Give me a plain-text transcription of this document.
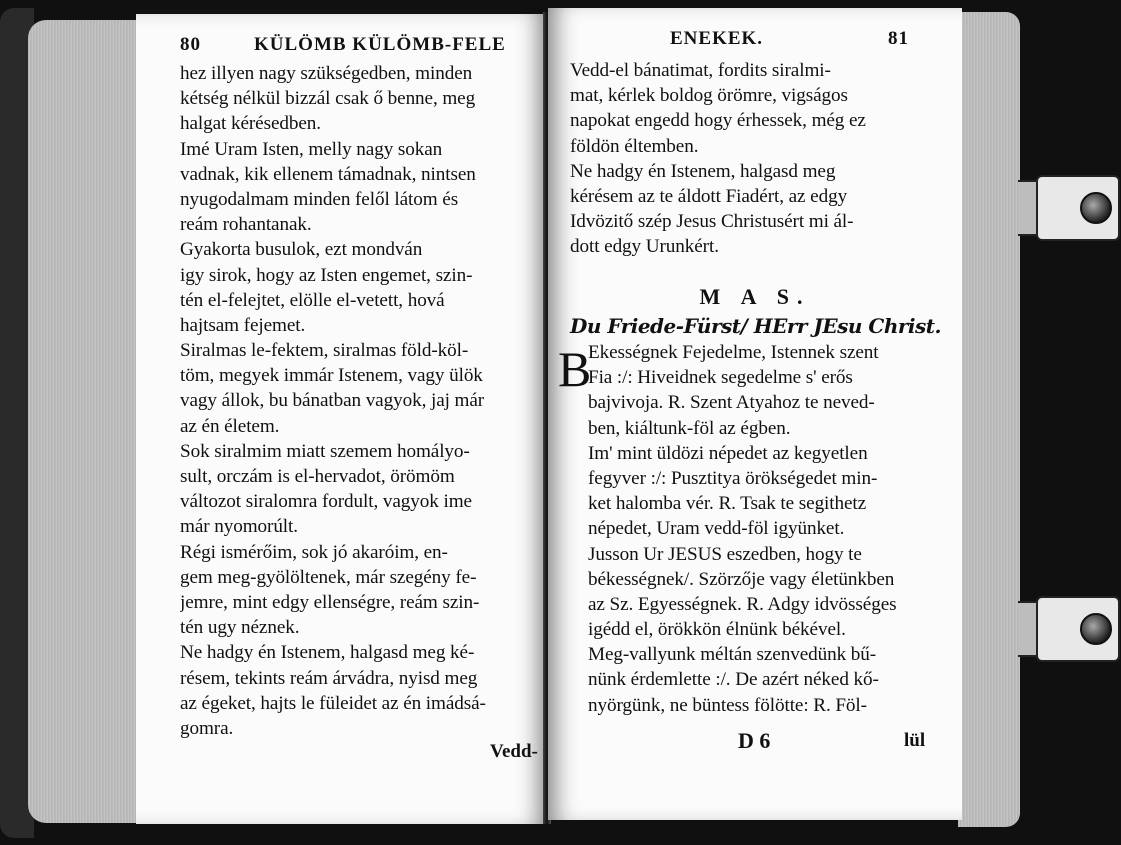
80	KÜLÖMB KÜLÖMB-FELE
hez illyen nagy szükségedben, minden
kétség nélkül bizzál csak ő benne, meg
halgat kérésedben.
Imé Uram Isten, melly nagy sokan
vadnak, kik ellenem támadnak, nintsen
nyugodalmam minden felől látom és
reám rohantanak.
Gyakorta busulok, ezt mondván
igy sirok, hogy az Isten engemet, szin-
tén el-felejtet, elölle el-vetett, hová
hajtsam fejemet.
Siralmas le-fektem, siralmas föld-köl-
töm, megyek immár Istenem, vagy ülök
vagy állok, bu bánatban vagyok, jaj már
az én életem.
Sok siralmim miatt szemem homályo-
sult, orczám is el-hervadot, örömöm
változot siralomra fordult, vagyok ime
már nyomorúlt.
Régi ismérőim, sok jó akaróim, en-
gem meg-gyölöltenek, már szegény fe-
jemre, mint edgy ellenségre, reám szin-
tén ugy néznek.
Ne hadgy én Istenem, halgasd meg ké-
résem, tekints reám árvádra, nyisd meg
az égeket, hajts le füleidet az én imádsá-
gomra.
Vedd-
ENEKEK.	81
Vedd-el bánatimat, fordits siralmi-
mat, kérlek boldog örömre, vigságos
napokat engedd hogy érhessek, még ez
földön éltemben.
Ne hadgy én Istenem, halgasd meg
kérésem az te áldott Fiadért, az edgy
Idvözitő szép Jesus Christusért mi ál-
dott edgy Urunkért.
M A S.
Du Friede-Fürst/ HErr JEsu Christ.
B
Ekességnek Fejedelme, Istennek szent
Fia :/: Hiveidnek segedelme s' erős
bajvivoja. R. Szent Atyahoz te neved-
ben, kiáltunk-föl az égben.
Im' mint üldözi népedet az kegyetlen
fegyver :/: Pusztitya örökségedet min-
ket halomba vér. R. Tsak te segithetz
népedet, Uram vedd-föl igyünket.
Jusson Ur JESUS eszedben, hogy te
békességnek/. Szörzője vagy életünkben
az Sz. Egyességnek. R. Adgy idvösséges
igédd el, örökkön élnünk békével.
Meg-vallyunk méltán szenvedünk bű-
nünk érdemlette :/. De azért néked kő-
nyörgünk, ne büntess fölötte: R. Föl-
D 6	lül
